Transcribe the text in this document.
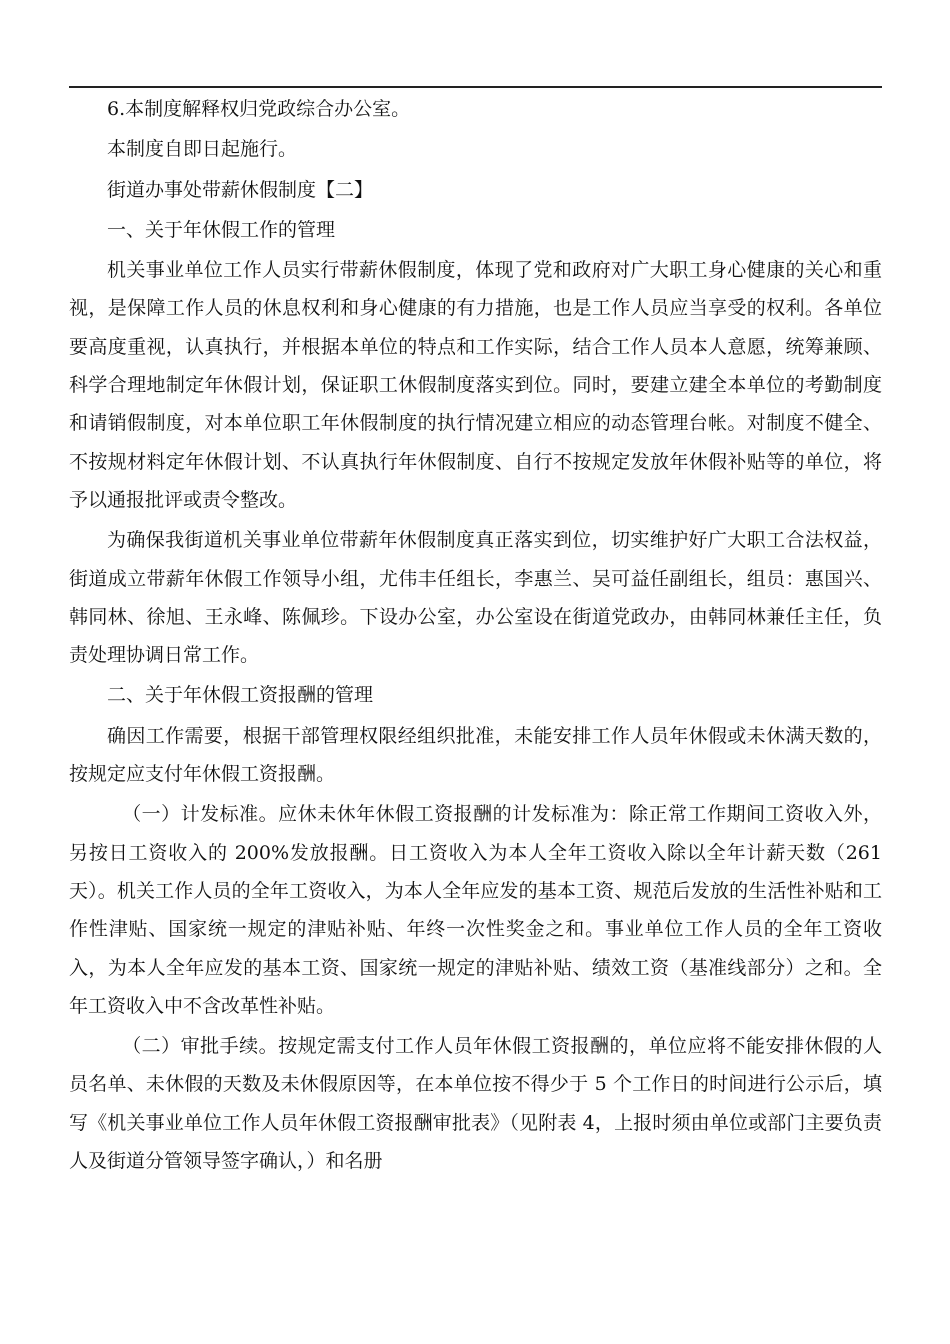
6.本制度解释权归党政综合办公室。

本制度自即日起施行。

街道办事处带薪休假制度【二】

一、关于年休假工作的管理

机关事业单位工作人员实行带薪休假制度，体现了党和政府对广大职工身心健康的关心和重视，是保障工作人员的休息权利和身心健康的有力措施，也是工作人员应当享受的权利。各单位要高度重视，认真执行，并根据本单位的特点和工作实际，结合工作人员本人意愿，统筹兼顾、科学合理地制定年休假计划，保证职工休假制度落实到位。同时，要建立建全本单位的考勤制度和请销假制度，对本单位职工年休假制度的执行情况建立相应的动态管理台帐。对制度不健全、不按规材料定年休假计划、不认真执行年休假制度、自行不按规定发放年休假补贴等的单位，将予以通报批评或责令整改。

为确保我街道机关事业单位带薪年休假制度真正落实到位，切实维护好广大职工合法权益，街道成立带薪年休假工作领导小组，尤伟丰任组长，李惠兰、吴可益任副组长，组员：惠国兴、韩同林、徐旭、王永峰、陈佩珍。下设办公室，办公室设在街道党政办，由韩同林兼任主任，负责处理协调日常工作。

二、关于年休假工资报酬的管理

确因工作需要，根据干部管理权限经组织批准，未能安排工作人员年休假或未休满天数的，按规定应支付年休假工资报酬。

（一）计发标准。应休未休年休假工资报酬的计发标准为：除正常工作期间工资收入外，另按日工资收入的 200%发放报酬。日工资收入为本人全年工资收入除以全年计薪天数（261 天）。机关工作人员的全年工资收入，为本人全年应发的基本工资、规范后发放的生活性补贴和工作性津贴、国家统一规定的津贴补贴、年终一次性奖金之和。事业单位工作人员的全年工资收入，为本人全年应发的基本工资、国家统一规定的津贴补贴、绩效工资（基准线部分）之和。全年工资收入中不含改革性补贴。

（二）审批手续。按规定需支付工作人员年休假工资报酬的，单位应将不能安排休假的人员名单、未休假的天数及未休假原因等，在本单位按不得少于 5 个工作日的时间进行公示后，填写《机关事业单位工作人员年休假工资报酬审批表》（见附表 4，上报时须由单位或部门主要负责人及街道分管领导签字确认，）和名册
